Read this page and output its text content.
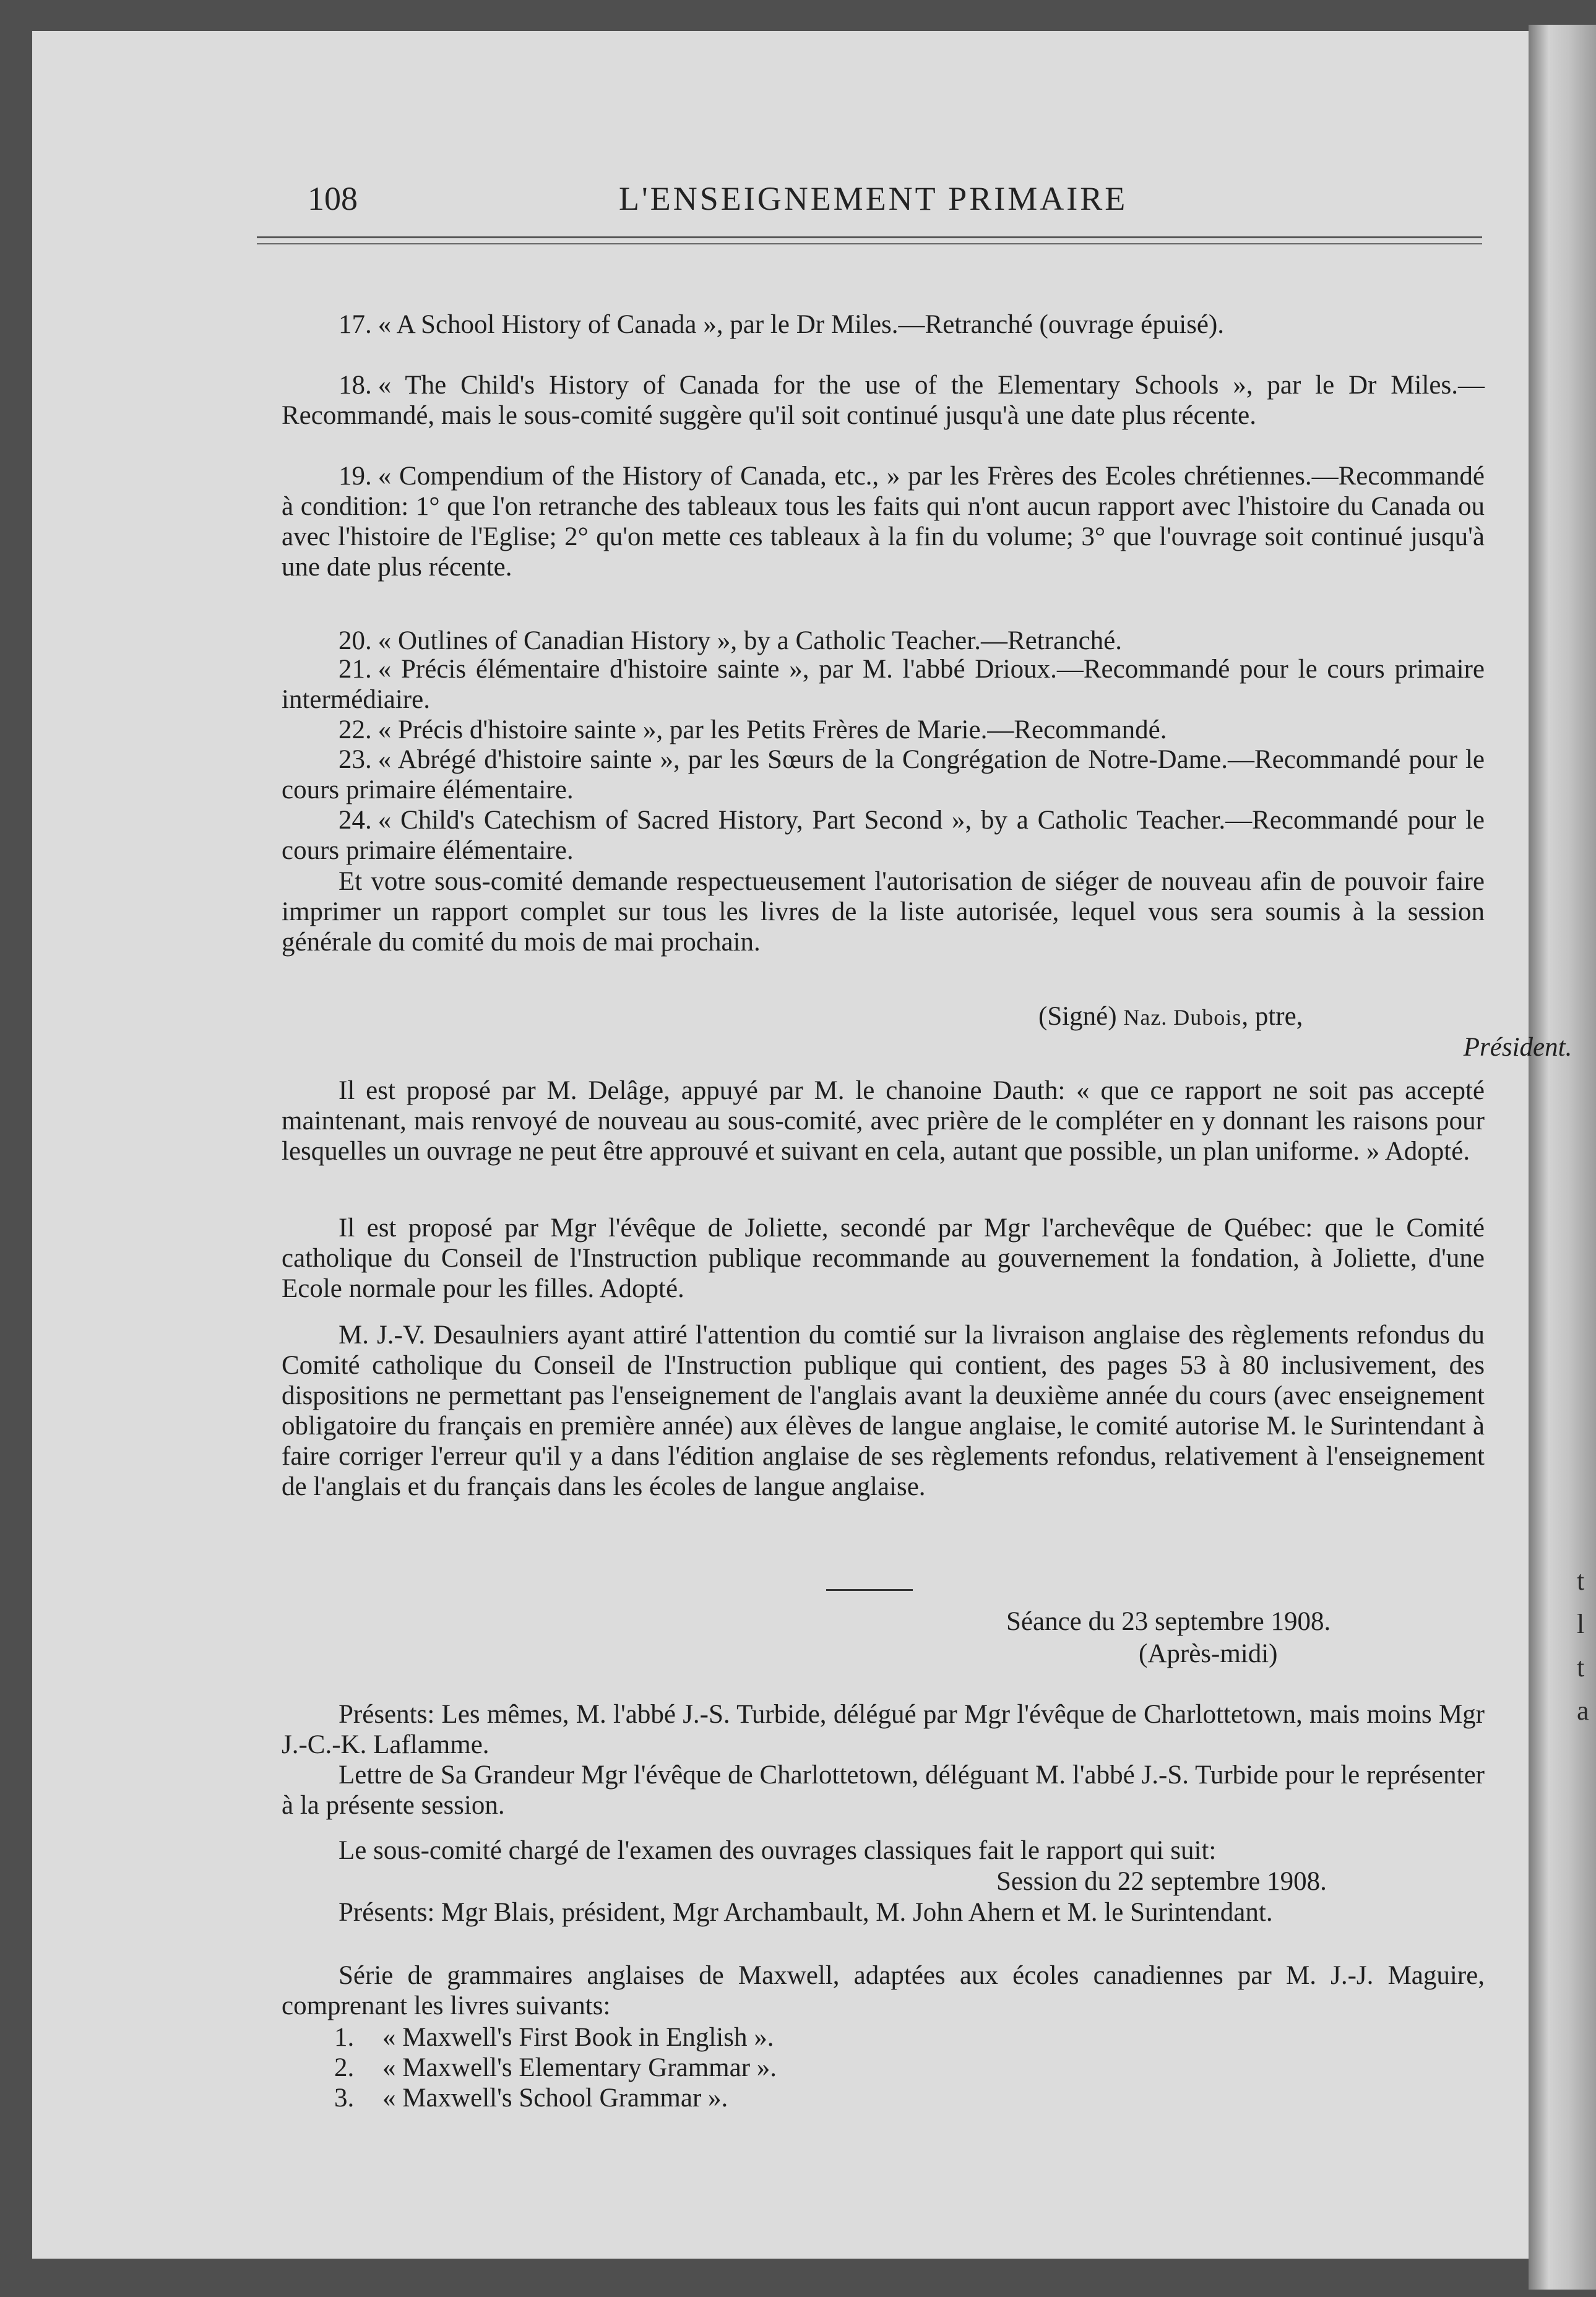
t
l
t
a
108	L'ENSEIGNEMENT PRIMAIRE
17. « A School History of Canada », par le Dr Miles.—Retranché (ouvrage épuisé).
18. « The Child's History of Canada for the use of the Elementary Schools », par le Dr Miles.—Recommandé, mais le sous-comité suggère qu'il soit continué jusqu'à une date plus récente.
19. « Compendium of the History of Canada, etc., » par les Frères des Ecoles chrétiennes.—Recommandé à condition: 1° que l'on retranche des tableaux tous les faits qui n'ont aucun rapport avec l'histoire du Canada ou avec l'histoire de l'Eglise; 2° qu'on mette ces tableaux à la fin du volume; 3° que l'ouvrage soit continué jusqu'à une date plus récente.
20. « Outlines of Canadian History », by a Catholic Teacher.—Retranché.
21. « Précis élémentaire d'histoire sainte », par M. l'abbé Drioux.—Recommandé pour le cours primaire intermédiaire.
22. « Précis d'histoire sainte », par les Petits Frères de Marie.—Recommandé.
23. « Abrégé d'histoire sainte », par les Sœurs de la Congrégation de Notre-Dame.—Recommandé pour le cours primaire élémentaire.
24. « Child's Catechism of Sacred History, Part Second », by a Catholic Teacher.—Recommandé pour le cours primaire élémentaire.
Et votre sous-comité demande respectueusement l'autorisation de siéger de nouveau afin de pouvoir faire imprimer un rapport complet sur tous les livres de la liste autorisée, lequel vous sera soumis à la session générale du comité du mois de mai prochain.
(Signé) Naz. Dubois, ptre,
Président.
Il est proposé par M. Delâge, appuyé par M. le chanoine Dauth: « que ce rapport ne soit pas accepté maintenant, mais renvoyé de nouveau au sous-comité, avec prière de le compléter en y donnant les raisons pour lesquelles un ouvrage ne peut être approuvé et suivant en cela, autant que possible, un plan uniforme. » Adopté.
Il est proposé par Mgr l'évêque de Joliette, secondé par Mgr l'archevêque de Québec: que le Comité catholique du Conseil de l'Instruction publique recommande au gouvernement la fondation, à Joliette, d'une Ecole normale pour les filles. Adopté.
M. J.-V. Desaulniers ayant attiré l'attention du comtié sur la livraison anglaise des règlements refondus du Comité catholique du Conseil de l'Instruction publique qui contient, des pages 53 à 80 inclusivement, des dispositions ne permettant pas l'enseignement de l'anglais avant la deuxième année du cours (avec enseignement obligatoire du français en première année) aux élèves de langue anglaise, le comité autorise M. le Surintendant à faire corriger l'erreur qu'il y a dans l'édition anglaise de ses règlements refondus, relativement à l'enseignement de l'anglais et du français dans les écoles de langue anglaise.
Séance du 23 septembre 1908.
(Après-midi)
Présents: Les mêmes, M. l'abbé J.-S. Turbide, délégué par Mgr l'évêque de Charlottetown, mais moins Mgr J.-C.-K. Laflamme.
Lettre de Sa Grandeur Mgr l'évêque de Charlottetown, déléguant M. l'abbé J.-S. Turbide pour le représenter à la présente session.
Le sous-comité chargé de l'examen des ouvrages classiques fait le rapport qui suit:
Session du 22 septembre 1908.
Présents: Mgr Blais, président, Mgr Archambault, M. John Ahern et M. le Surintendant.
Série de grammaires anglaises de Maxwell, adaptées aux écoles canadiennes par M. J.-J. Maguire, comprenant les livres suivants:
1. « Maxwell's First Book in English ».
2. « Maxwell's Elementary Grammar ».
3. « Maxwell's School Grammar ».
